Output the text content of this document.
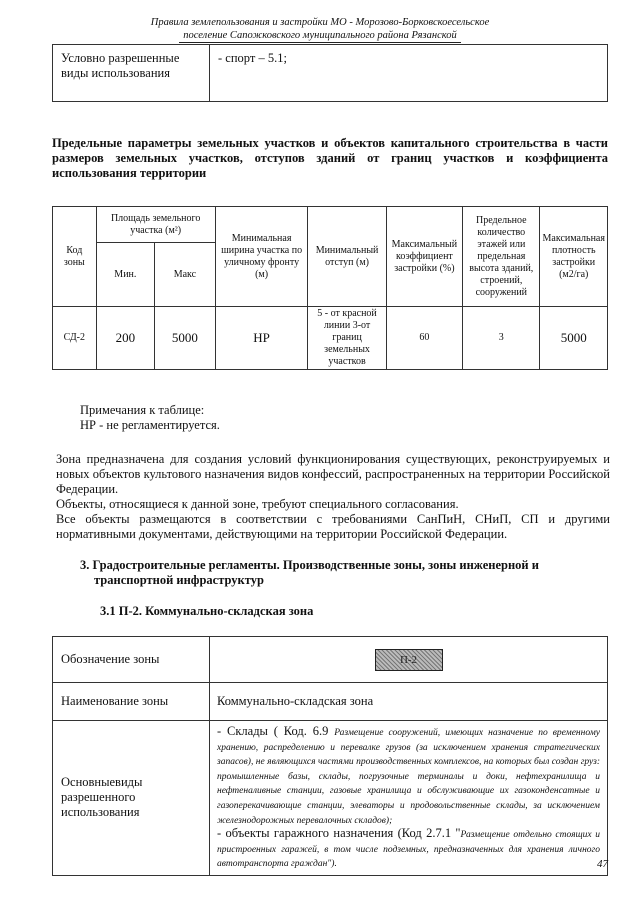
Правила землепользования и застройки МО - Морозово-Борковскоесельское
поселение Сапожковского муниципального района Рязанской
Условно разрешенные виды использования	- спорт – 5.1;
Предельные параметры земельных участков и объектов капитального строительства в части размеров земельных участков, отступов зданий от границ участков и коэффициента использования территории
Код зоны	Площадь земельного участка (м²)		Минимальная ширина участка по уличному фронту (м)	Минимальный отступ (м)	Максимальный коэффициент застройки (%)	Предельное количество этажей или предельная высота зданий, строений, сооружений	Максимальная плотность застройки (м2/га)
	Мин.	Макс					
СД-2	200	5000	НР	5 - от красной линии 3-от границ земельных участков	60	3	5000
Примечания к таблице:
НР - не регламентируется.

Зона предназначена для создания условий функционирования существующих, реконструируемых и новых объектов культового назначения видов конфессий, распространенных на территории Российской Федерации.

Объекты, относящиеся к данной зоне, требуют специального согласования.

Все объекты размещаются в соответствии с требованиями СанПиН, СНиП, СП и другими нормативными документами, действующими на территории Российской Федерации.

3. Градостроительные регламенты. Производственные зоны, зоны инженерной и
транспортной инфраструктур
3.1 П-2. Коммунально-складская зона
Обозначение зоны	П-2
Наименование зоны	Коммунально-складская зона
Основныевиды разрешенного использования	- Склады ( Код. 6.9 Размещение сооружений, имеющих назначение по временному хранению, распределению и перевалке грузов (за исключением хранения стратегических запасов), не являющихся частями производственных комплексов, на которых был создан груз: промышленные базы, склады, погрузочные терминалы и доки, нефтехранилища и нефтеналивные станции, газовые хранилища и обслуживающие их газоконденсатные и газоперекачивающие станции, элеваторы и продовольственные склады, за исключением железнодорожных перевалочных складов);
- объекты гаражного назначения (Код 2.7.1 "Размещение отдельно стоящих и пристроенных гаражей, в том числе подземных, предназначенных для хранения личного автотранспорта граждан").	47
